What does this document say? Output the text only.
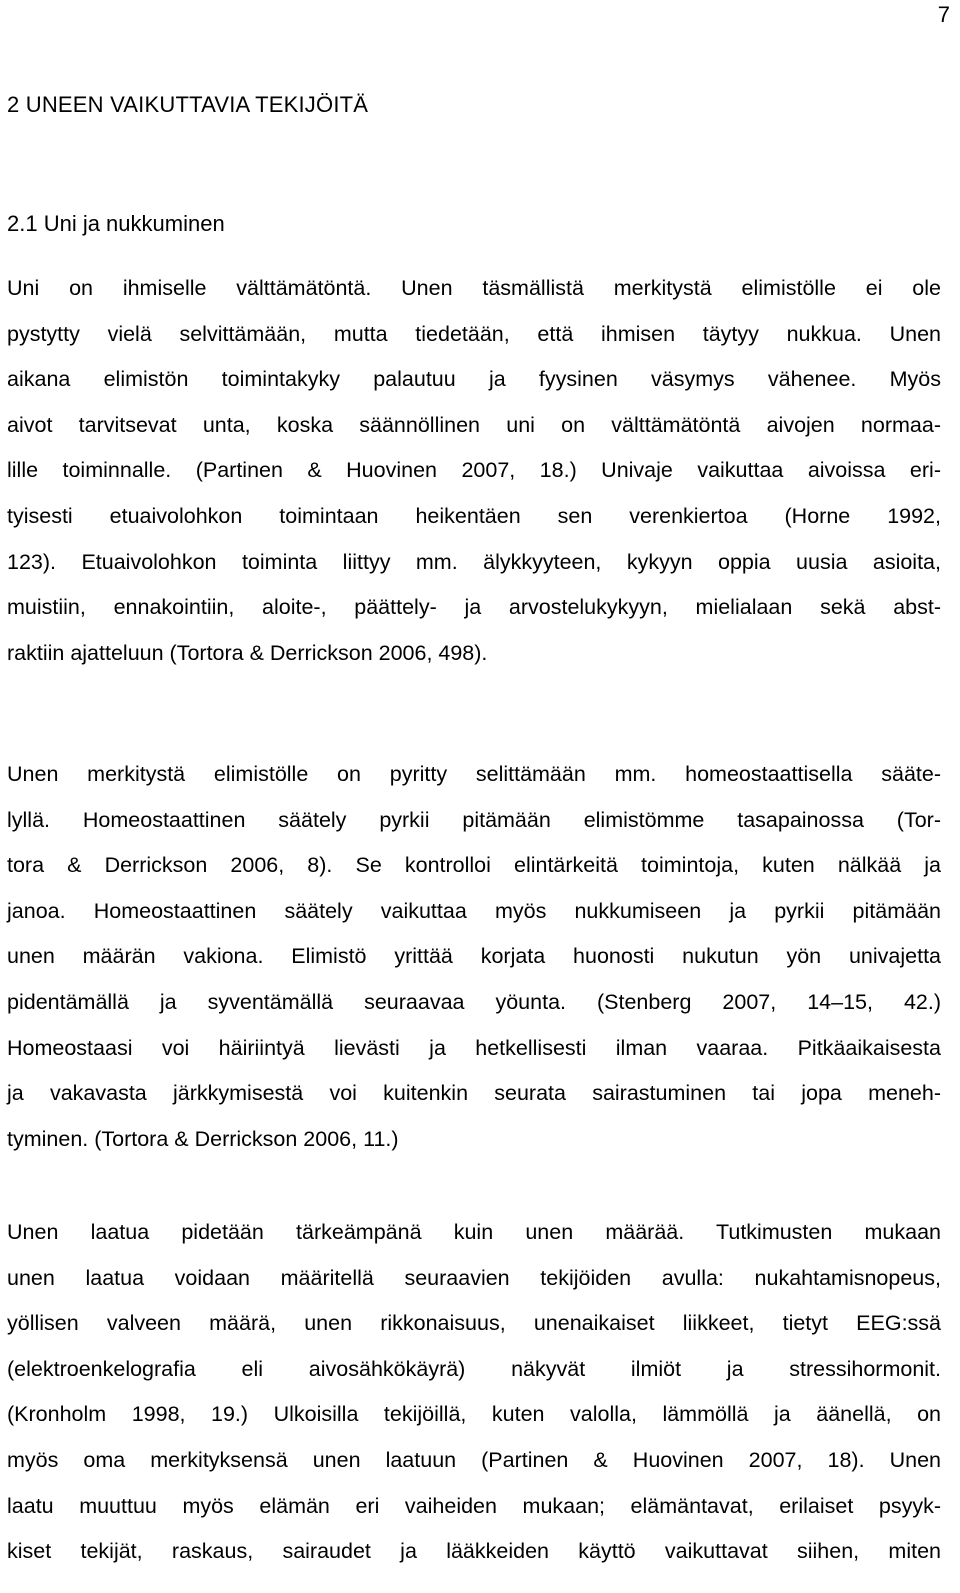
7
2 UNEEN VAIKUTTAVIA TEKIJÖITÄ
2.1 Uni ja nukkuminen
Uni on ihmiselle välttämätöntä. Unen täsmällistä merkitystä elimistölle ei ole
pystytty vielä selvittämään, mutta tiedetään, että ihmisen täytyy nukkua. Unen
aikana elimistön toimintakyky palautuu ja fyysinen väsymys vähenee. Myös
aivot tarvitsevat unta, koska säännöllinen uni on välttämätöntä aivojen normaa-
lille toiminnalle. (Partinen & Huovinen 2007, 18.) Univaje vaikuttaa aivoissa eri-
tyisesti etuaivolohkon toimintaan heikentäen sen verenkiertoa (Horne 1992,
123). Etuaivolohkon toiminta liittyy mm. älykkyyteen, kykyyn oppia uusia asioita,
muistiin, ennakointiin, aloite-, päättely- ja arvostelukykyyn, mielialaan sekä abst-
raktiin ajatteluun (Tortora & Derrickson 2006, 498).
Unen merkitystä elimistölle on pyritty selittämään mm. homeostaattisella sääte-
lyllä. Homeostaattinen säätely pyrkii pitämään elimistömme tasapainossa (Tor-
tora & Derrickson 2006, 8). Se kontrolloi elintärkeitä toimintoja, kuten nälkää ja
janoa. Homeostaattinen säätely vaikuttaa myös nukkumiseen ja pyrkii pitämään
unen määrän vakiona. Elimistö yrittää korjata huonosti nukutun yön univajetta
pidentämällä ja syventämällä seuraavaa yöunta. (Stenberg 2007, 14–15, 42.)
Homeostaasi voi häiriintyä lievästi ja hetkellisesti ilman vaaraa. Pitkäaikaisesta
ja vakavasta järkkymisestä voi kuitenkin seurata sairastuminen tai jopa meneh-
tyminen. (Tortora & Derrickson 2006, 11.)
Unen laatua pidetään tärkeämpänä kuin unen määrää. Tutkimusten mukaan
unen laatua voidaan määritellä seuraavien tekijöiden avulla: nukahtamisnopeus,
yöllisen valveen määrä, unen rikkonaisuus, unenaikaiset liikkeet, tietyt EEG:ssä
(elektroenkelografia eli aivosähkökäyrä) näkyvät ilmiöt ja stressihormonit.
(Kronholm 1998, 19.) Ulkoisilla tekijöillä, kuten valolla, lämmöllä ja äänellä, on
myös oma merkityksensä unen laatuun (Partinen & Huovinen 2007, 18). Unen
laatu muuttuu myös elämän eri vaiheiden mukaan; elämäntavat, erilaiset psyyk-
kiset tekijät, raskaus, sairaudet ja lääkkeiden käyttö vaikuttavat siihen, miten
